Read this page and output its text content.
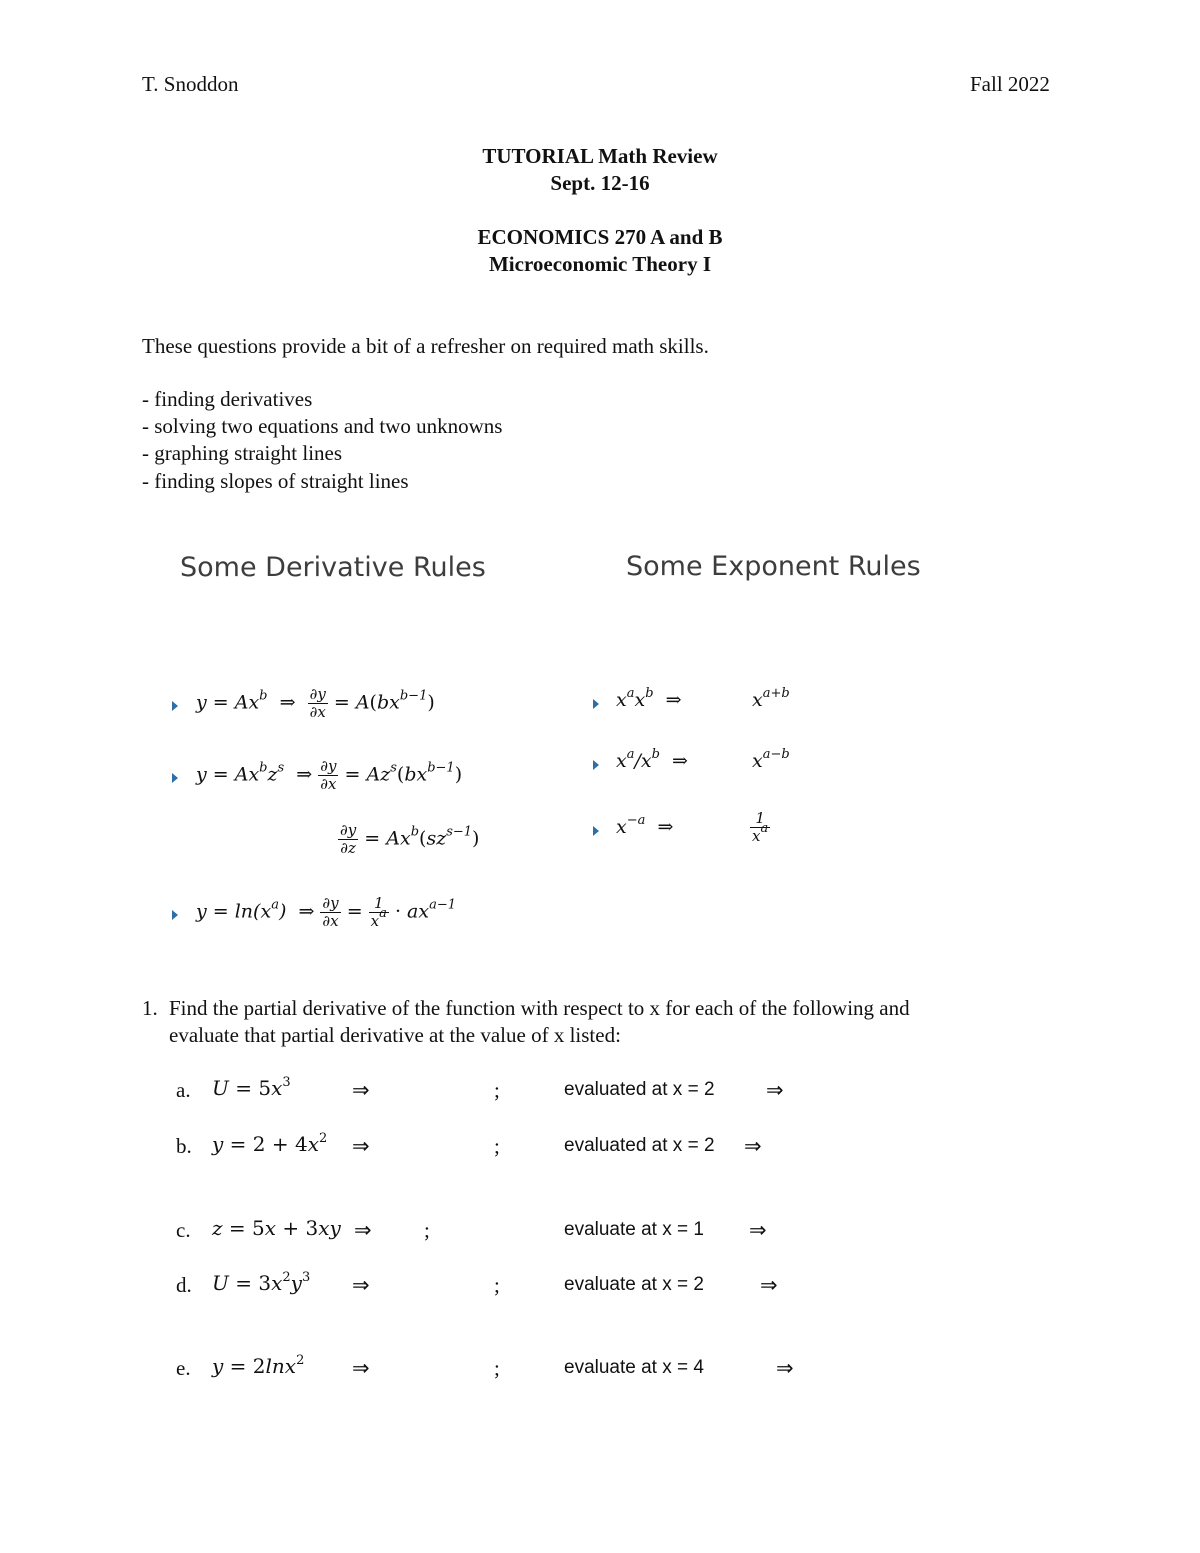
T. Snoddon	Fall 2022
TUTORIAL Math Review
Sept. 12-16
ECONOMICS 270 A and B
Microeconomic Theory I
These questions provide a bit of a refresher on required math skills.
- finding derivatives
- solving two equations and two unknowns
- graphing straight lines
- finding slopes of straight lines
Some Derivative Rules	Some Exponent Rules
$y = Ax^b$  ⇒ $\frac{\partial y}{\partial x} = A(bx^{b-1})$
$y = Ax^bz^s$  ⇒ $\frac{\partial y}{\partial x} = Az^s(bx^{b-1})$
$\frac{\partial y}{\partial z} = Ax^b(sz^{s-1})$
$y = \ln(x^a)$  ⇒ $\frac{\partial y}{\partial x} = \frac{1}{x^a} \cdot ax^{a-1}$
$x^ax^b$  ⇒	$x^{a+b}$
$x^a/x^b$  ⇒	$x^{a-b}$
$x^{-a}$  ⇒	$\frac{1}{x^a}$
1. Find the partial derivative of the function with respect to x for each of the following and
evaluate that partial derivative at the value of x listed:
a. $U = 5x^3$	⇒	;	evaluated at x = 2 ⇒
b. $y = 2 + 4x^2$ ⇒	;	evaluated at x = 2 ⇒
c. z = 5x + 3xy ⇒ ;	evaluate at x = 1 ⇒
d. $U = 3x^2y^3$ ⇒	;	evaluate at x = 2	⇒
e. y = 2lnx$^2$ ⇒	;	evaluate at x = 4	⇒
